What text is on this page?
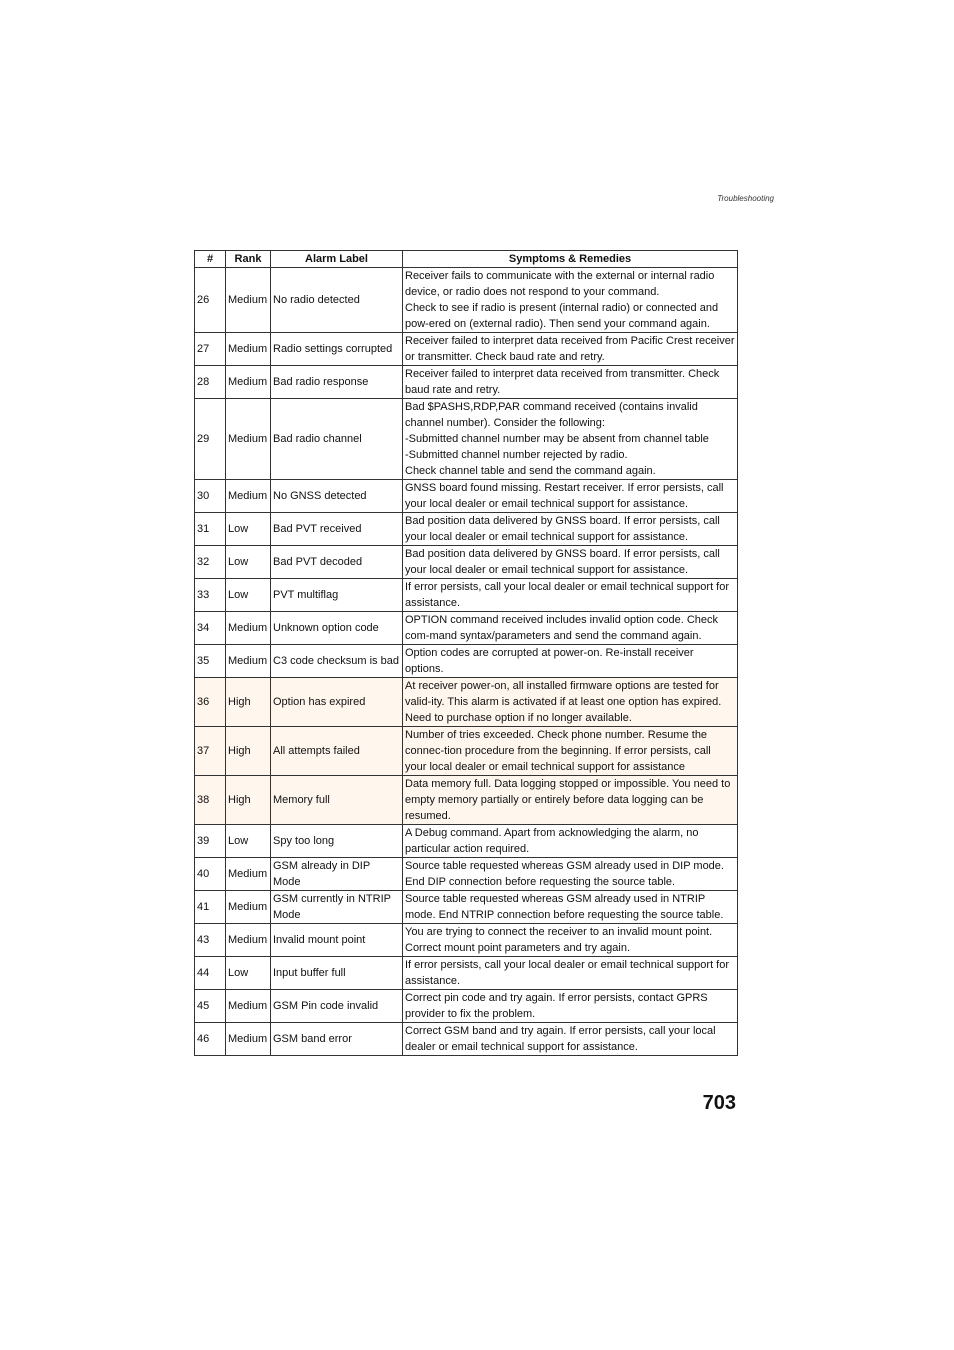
Troubleshooting
#	Rank	Alarm Label	Symptoms & Remedies
26	Medium	No radio detected	Receiver fails to communicate with the external or internal radio device, or radio does not respond to your command.
Check to see if radio is present (internal radio) or connected and pow-ered on (external radio). Then send your command again.
27	Medium	Radio settings corrupted	Receiver failed to interpret data received from Pacific Crest receiver or transmitter. Check baud rate and retry.
28	Medium	Bad radio response	Receiver failed to interpret data received from transmitter. Check baud rate and retry.
29	Medium	Bad radio channel	Bad $PASHS,RDP,PAR command received (contains invalid channel number). Consider the following:
-Submitted channel number may be absent from channel table
-Submitted channel number rejected by radio.
Check channel table and send the command again.
30	Medium	No GNSS detected	GNSS board found missing. Restart receiver. If error persists, call your local dealer or email technical support for assistance.
31	Low	Bad PVT received	Bad position data delivered by GNSS board. If error persists, call your local dealer or email technical support for assistance.
32	Low	Bad PVT decoded	Bad position data delivered by GNSS board. If error persists, call your local dealer or email technical support for assistance.
33	Low	PVT multiflag	If error persists, call your local dealer or email technical support for assistance.
34	Medium	Unknown option code	OPTION command received includes invalid option code. Check com-mand syntax/parameters and send the command again.
35	Medium	C3 code checksum is bad	Option codes are corrupted at power-on. Re-install receiver options.
36	High	Option has expired	At receiver power-on, all installed firmware options are tested for valid-ity. This alarm is activated if at least one option has expired. Need to purchase option if no longer available.
37	High	All attempts failed	Number of tries exceeded. Check phone number. Resume the connec-tion procedure from the beginning. If error persists, call your local dealer or email technical support for assistance
38	High	Memory full	Data memory full. Data logging stopped or impossible. You need to empty memory partially or entirely before data logging can be resumed.
39	Low	Spy too long	A Debug command. Apart from acknowledging the alarm, no particular action required.
40	Medium	GSM already in DIP Mode	Source table requested whereas GSM already used in DIP mode. End DIP connection before requesting the source table.
41	Medium	GSM currently in NTRIP Mode	Source table requested whereas GSM already used in NTRIP mode. End NTRIP connection before requesting the source table.
43	Medium	Invalid mount point	You are trying to connect the receiver to an invalid mount point. Correct mount point parameters and try again.
44	Low	Input buffer full	If error persists, call your local dealer or email technical support for assistance.
45	Medium	GSM Pin code invalid	Correct pin code and try again. If error persists, contact GPRS provider to fix the problem.
46	Medium	GSM band error	Correct GSM band and try again. If error persists, call your local dealer or email technical support for assistance.
703
